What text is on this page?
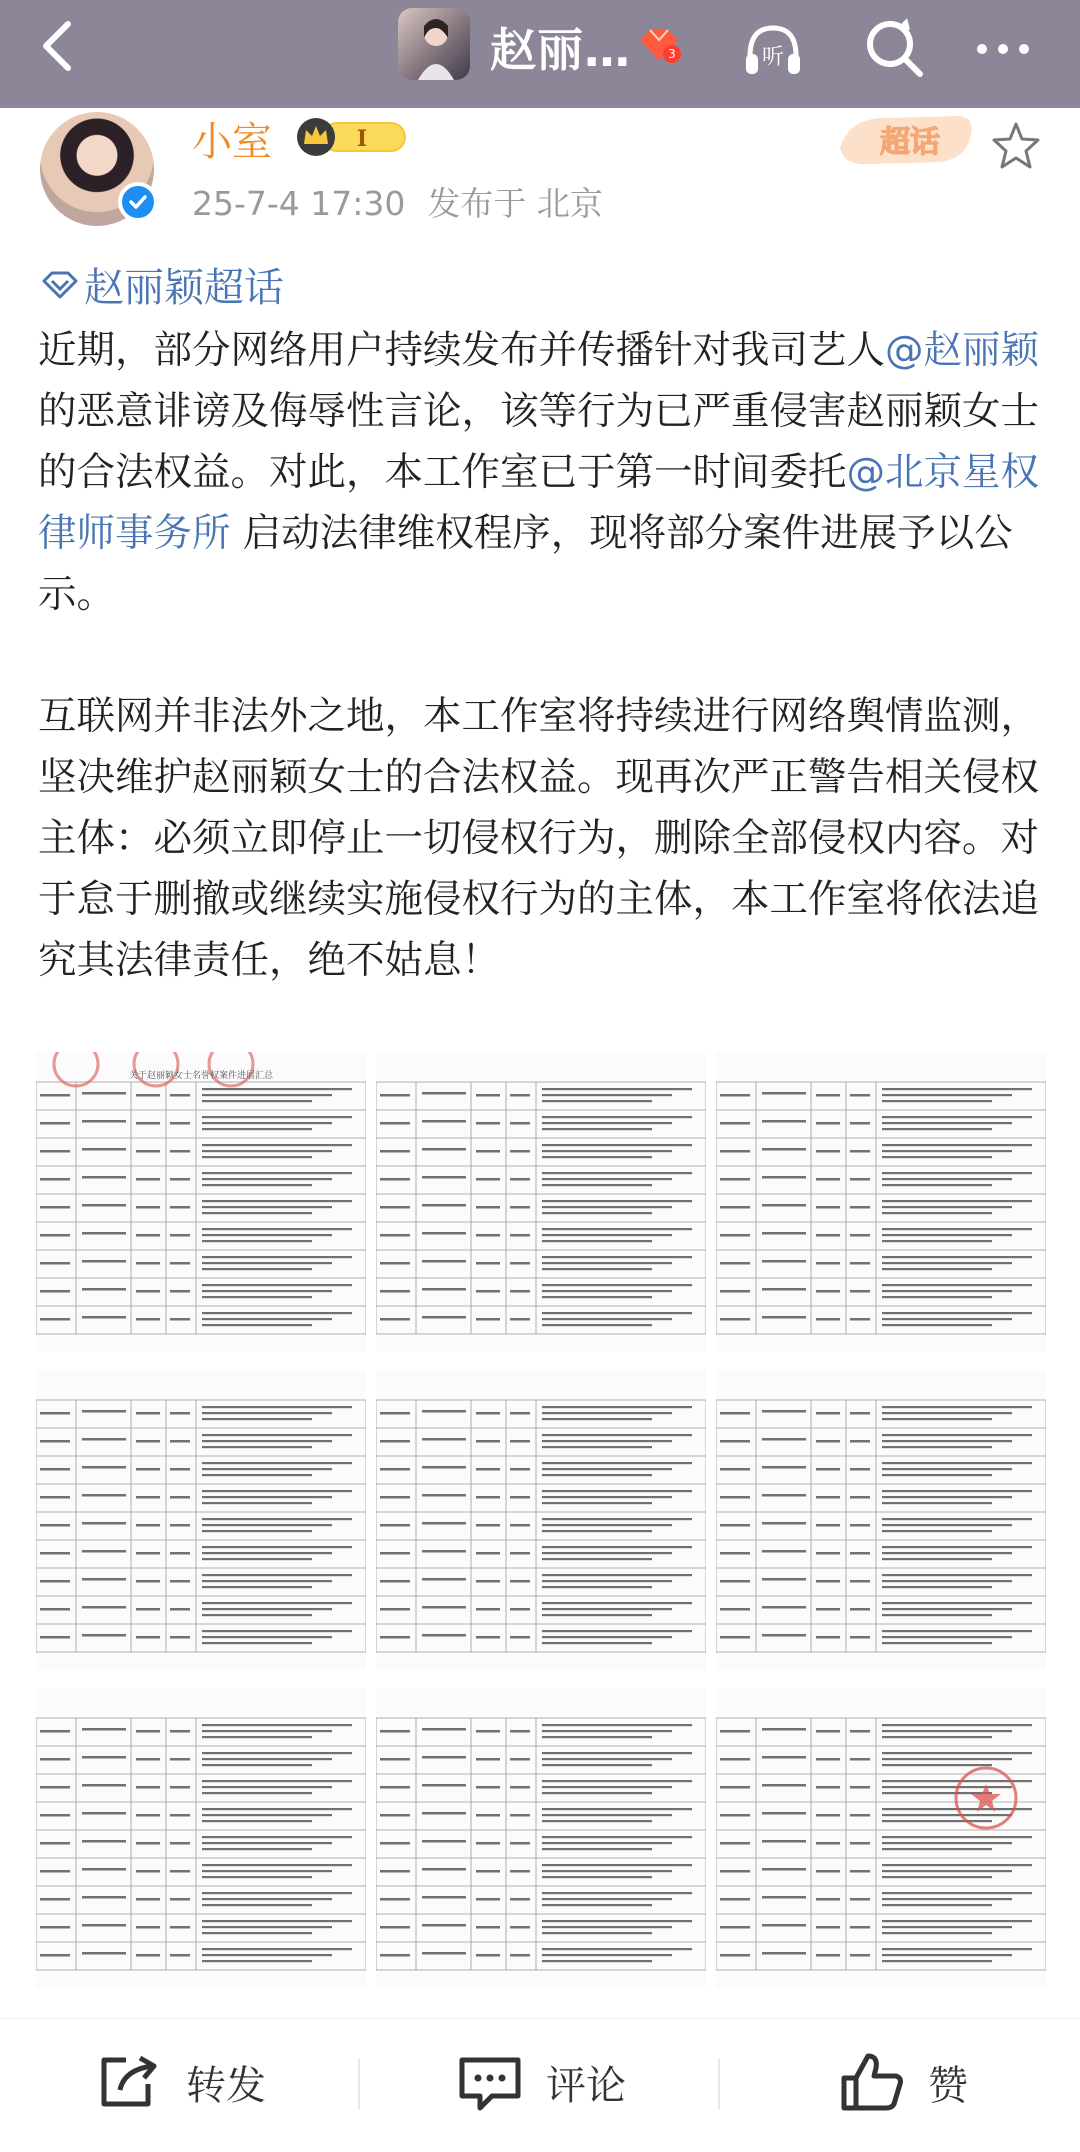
赵丽…	3	听
小室	I
25-7-4 17:30 发布于 北京
超话
赵丽颖超话

近期，部分网络用户持续发布并传播针对我司艺人@赵丽颖 的恶意诽谤及侮辱性言论，该等行为已严重侵害赵丽颖女士的合法权益。对此，本工作室已于第一时间委托@北京星权律师事务所 启动法律维权程序，现将部分案件进展予以公示。

互联网并非法外之地，本工作室将持续进行网络舆情监测，坚决维护赵丽颖女士的合法权益。现再次严正警告相关侵权主体：必须立即停止一切侵权行为，删除全部侵权内容。对于怠于删撤或继续实施侵权行为的主体，本工作室将依法追究其法律责任，绝不姑息！

关于赵丽颖女士名誉权案件进展汇总
转发	评论	赞
